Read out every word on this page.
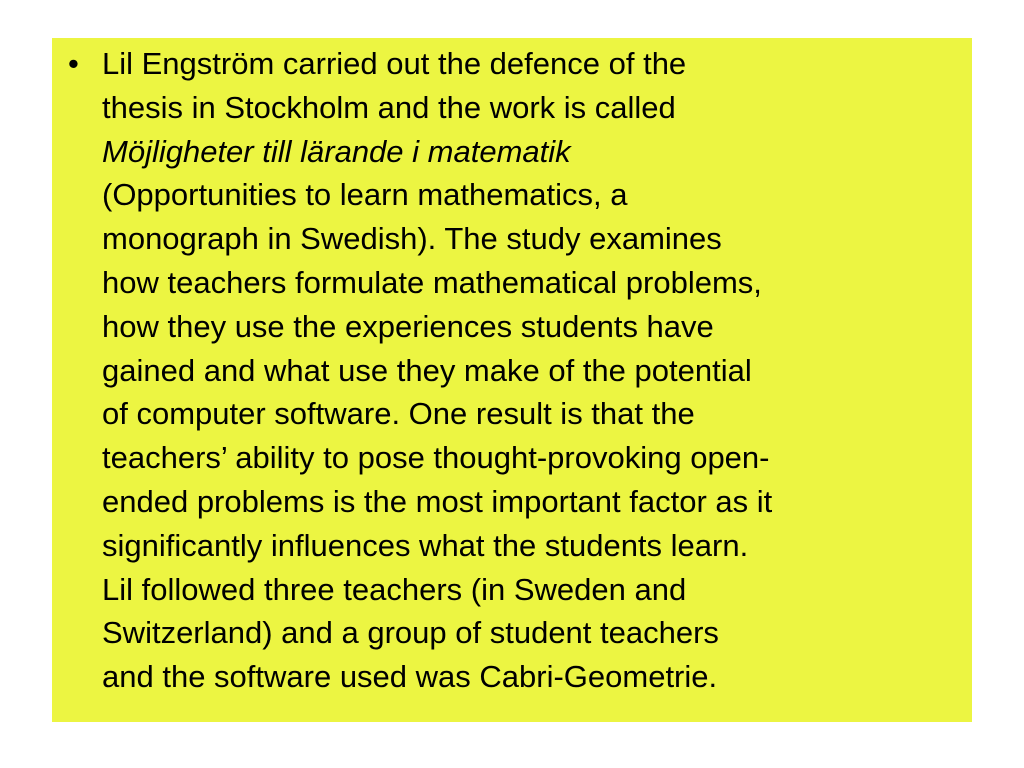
• Lil Engström carried out the defence of the
thesis in Stockholm and the work is called
Möjligheter till lärande i matematik
(Opportunities to learn mathematics, a
monograph in Swedish). The study examines
how teachers formulate mathematical problems,
how they use the experiences students have
gained and what use they make of the potential
of computer software. One result is that the
teachers’ ability to pose thought-provoking open-
ended problems is the most important factor as it
significantly influences what the students learn.
Lil followed three teachers (in Sweden and
Switzerland) and a group of student teachers
and the software used was Cabri-Geometrie.
